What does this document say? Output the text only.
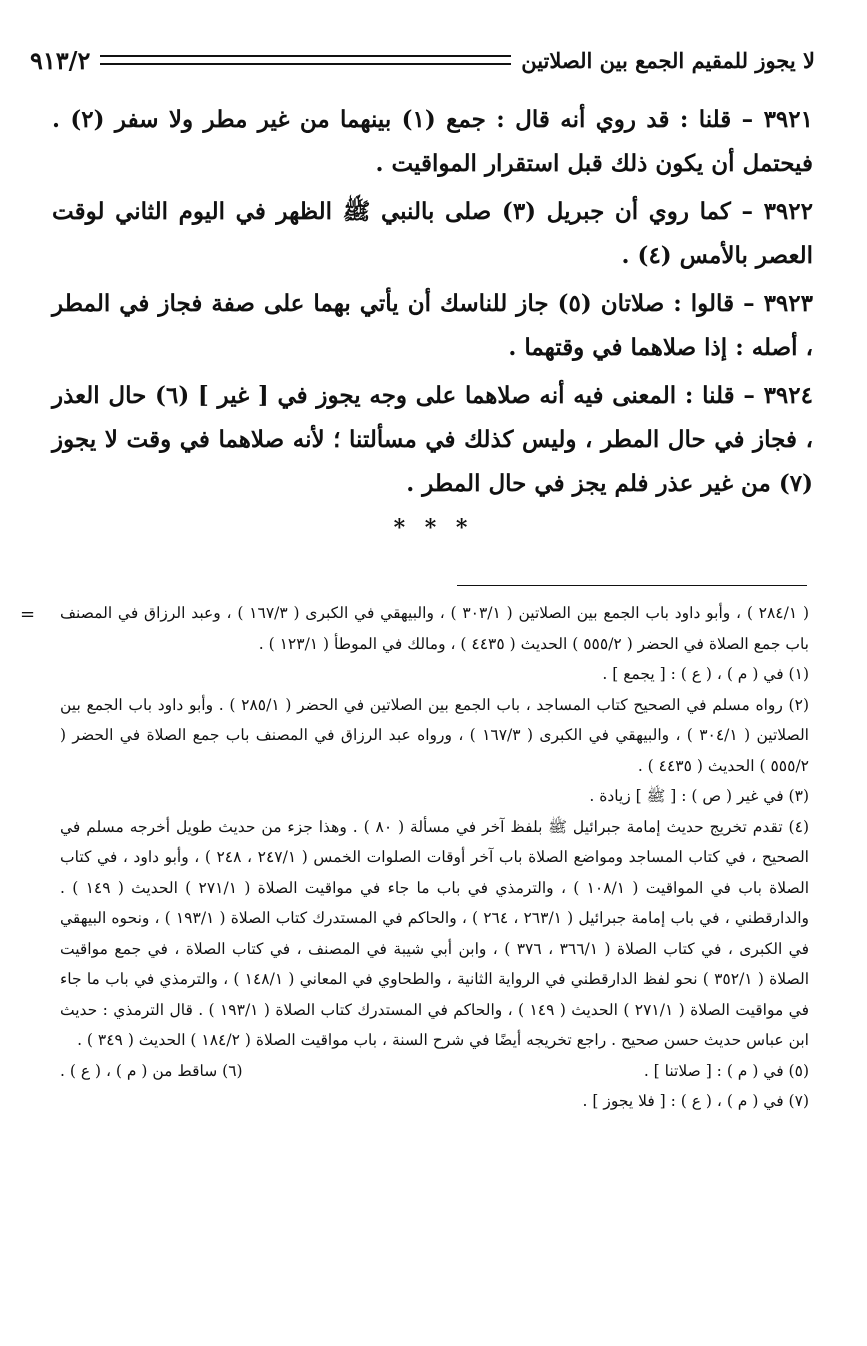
لا يجوز للمقيم الجمع بين الصلاتين
٩١٣/٢

٣٩٢١ – قلنا : قد روي أنه قال : جمع (١) بينهما من غير مطر ولا سفر (٢) . فيحتمل أن يكون ذلك قبل استقرار المواقيت .

٣٩٢٢ – كما روي أن جبريل (٣) صلى بالنبي ﷺ الظهر في اليوم الثاني لوقت العصر بالأمس (٤) .

٣٩٢٣ – قالوا : صلاتان (٥) جاز للناسك أن يأتي بهما على صفة فجاز في المطر ، أصله : إذا صلاهما في وقتهما .

٣٩٢٤ – قلنا : المعنى فيه أنه صلاهما على وجه يجوز في [ غير ] (٦) حال العذر ، فجاز في حال المطر ، وليس كذلك في مسألتنا ؛ لأنه صلاهما في وقت لا يجوز (٧) من غير عذر فلم يجز في حال المطر .

* * *
= ( ٢٨٤/١ ) ، وأبو داود باب الجمع بين الصلاتين ( ٣٠٣/١ ) ، والبيهقي في الكبرى ( ١٦٧/٣ ) ، وعبد الرزاق في المصنف باب جمع الصلاة في الحضر ( ٥٥٥/٢ ) الحديث ( ٤٤٣٥ ) ، ومالك في الموطأ ( ١٢٣/١ ) .

(١) في ( م ) ، ( ع ) : [ يجمع ] .

(٢) رواه مسلم في الصحيح كتاب المساجد ، باب الجمع بين الصلاتين في الحضر ( ٢٨٥/١ ) . وأبو داود باب الجمع بين الصلاتين ( ٣٠٤/١ ) ، والبيهقي في الكبرى ( ١٦٧/٣ ) ، ورواه عبد الرزاق في المصنف باب جمع الصلاة في الحضر ( ٥٥٥/٢ ) الحديث ( ٤٤٣٥ ) .

(٣) في غير ( ص ) : [ ﷺ ] زيادة .

(٤) تقدم تخريج حديث إمامة جبرائيل ﷺ بلفظ آخر في مسألة ( ٨٠ ) . وهذا جزء من حديث طويل أخرجه مسلم في الصحيح ، في كتاب المساجد ومواضع الصلاة باب آخر أوقات الصلوات الخمس ( ٢٤٧/١ ، ٢٤٨ ) ، وأبو داود ، في كتاب الصلاة باب في المواقيت ( ١٠٨/١ ) ، والترمذي في باب ما جاء في مواقيت الصلاة ( ٢٧١/١ ) الحديث ( ١٤٩ ) . والدارقطني ، في باب إمامة جبرائيل ( ٢٦٣/١ ، ٢٦٤ ) ، والحاكم في المستدرك كتاب الصلاة ( ١٩٣/١ ) ، ونحوه البيهقي في الكبرى ، في كتاب الصلاة ( ٣٦٦/١ ، ٣٧٦ ) ، وابن أبي شيبة في المصنف ، في كتاب الصلاة ، في جمع مواقيت الصلاة ( ٣٥٢/١ ) نحو لفظ الدارقطني في الرواية الثانية ، والطحاوي في المعاني ( ١٤٨/١ ) ، والترمذي في باب ما جاء في مواقيت الصلاة ( ٢٧١/١ ) الحديث ( ١٤٩ ) ، والحاكم في المستدرك كتاب الصلاة ( ١٩٣/١ ) . قال الترمذي : حديث ابن عباس حديث حسن صحيح . راجع تخريجه أيضًا في شرح السنة ، باب مواقيت الصلاة ( ١٨٤/٢ ) الحديث ( ٣٤٩ ) .

(٥) في ( م ) : [ صلاتنا ] .
(٦) ساقط من ( م ) ، ( ع ) .

(٧) في ( م ) ، ( ع ) : [ فلا يجوز ] .
